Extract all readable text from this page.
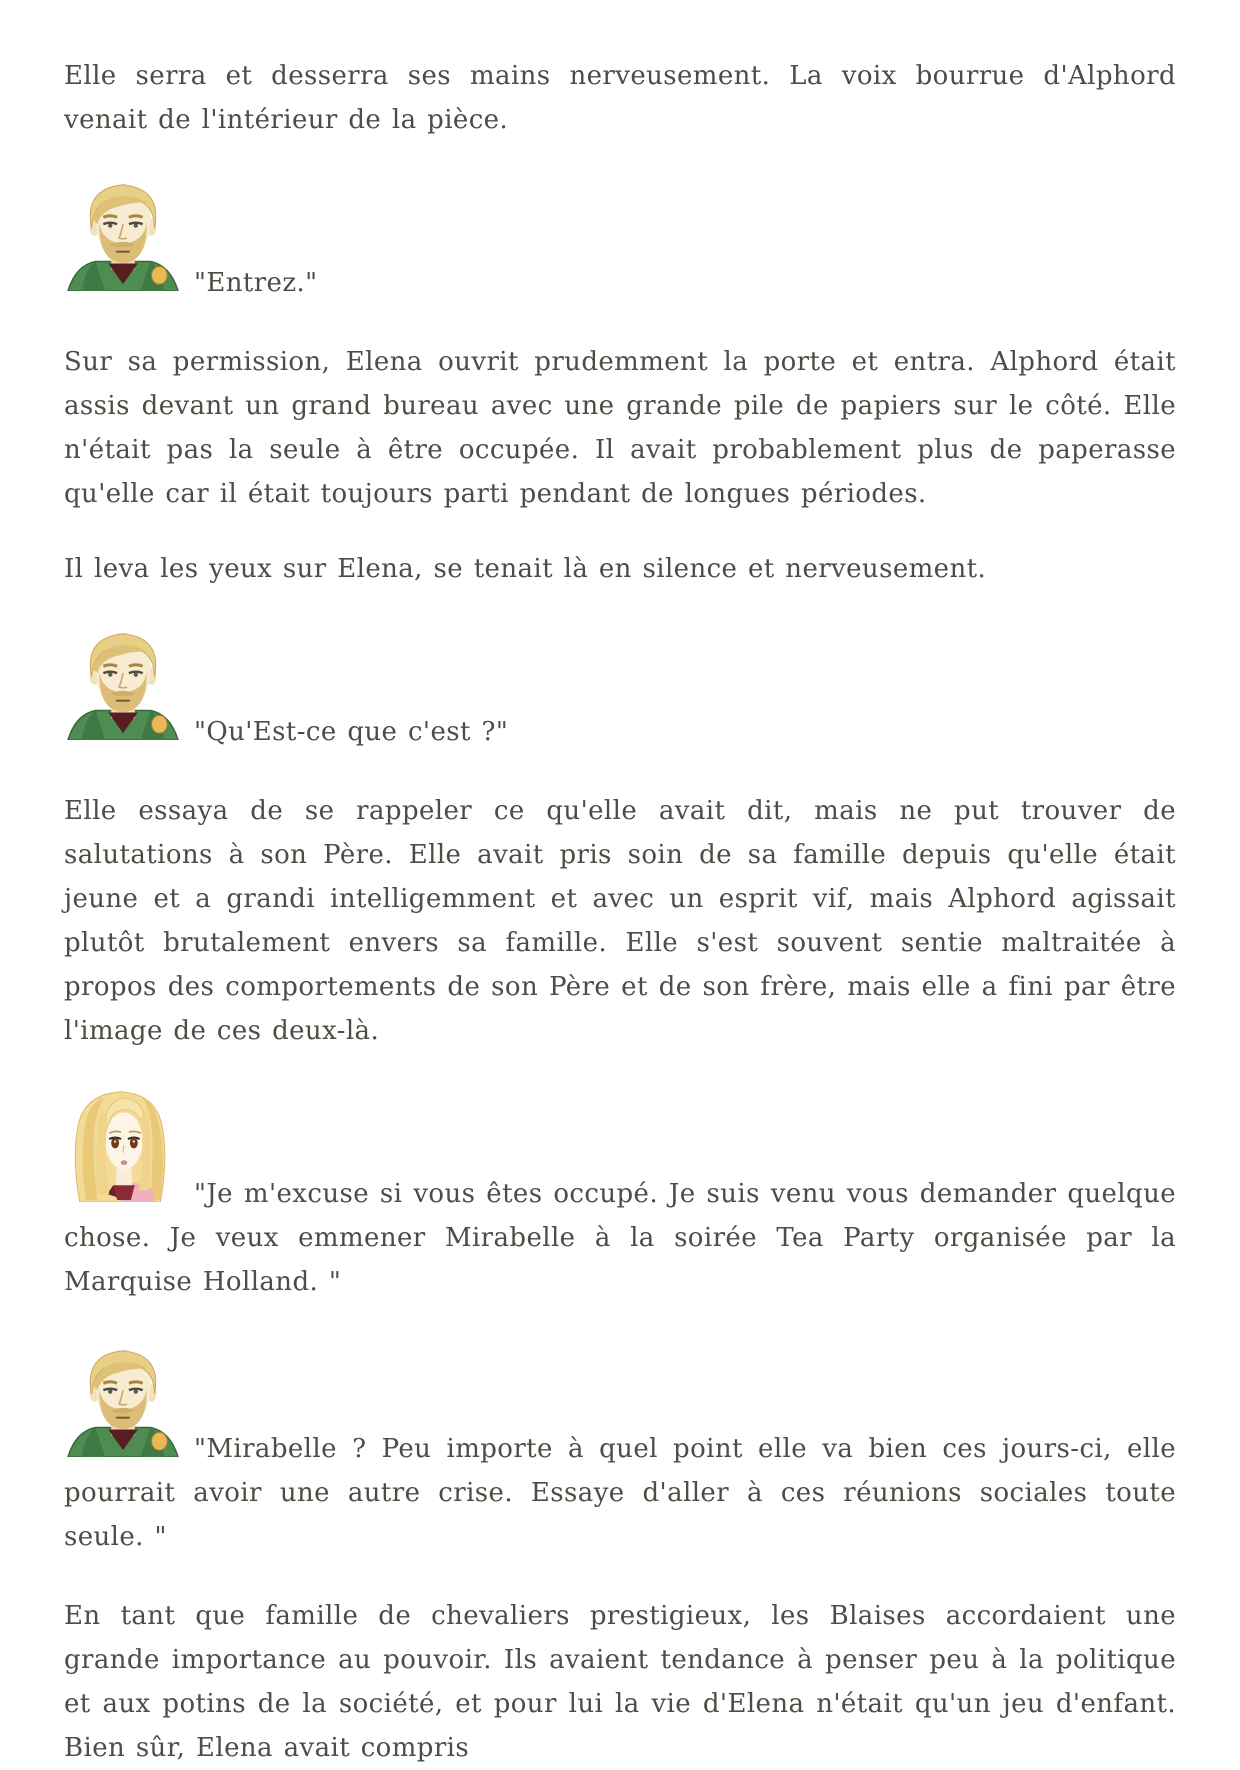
Elle serra et desserra ses mains nerveusement. La voix bourrue d'Alphord venait de l'intérieur de la pièce.

"Entrez."

Sur sa permission, Elena ouvrit prudemment la porte et entra. Alphord était assis devant un grand bureau avec une grande pile de papiers sur le côté. Elle n'était pas la seule à être occupée. Il avait probablement plus de paperasse qu'elle car il était toujours parti pendant de longues périodes.

Il leva les yeux sur Elena, se tenait là en silence et nerveusement.

"Qu'Est-ce que c'est ?"

Elle essaya de se rappeler ce qu'elle avait dit, mais ne put trouver de salutations à son Père. Elle avait pris soin de sa famille depuis qu'elle était jeune et a grandi intelligemment et avec un esprit vif, mais Alphord agissait plutôt brutalement envers sa famille. Elle s'est souvent sentie maltraitée à propos des comportements de son Père et de son frère, mais elle a fini par être l'image de ces deux-là.

"Je m'excuse si vous êtes occupé. Je suis venu vous demander quelque chose. Je veux emmener Mirabelle à la soirée Tea Party organisée par la Marquise Holland. "

"Mirabelle ? Peu importe à quel point elle va bien ces jours-ci, elle pourrait avoir une autre crise. Essaye d'aller à ces réunions sociales toute seule. "

En tant que famille de chevaliers prestigieux, les Blaises accordaient une grande importance au pouvoir. Ils avaient tendance à penser peu à la politique et aux potins de la société, et pour lui la vie d'Elena n'était qu'un jeu d'enfant. Bien sûr, Elena avait compris
